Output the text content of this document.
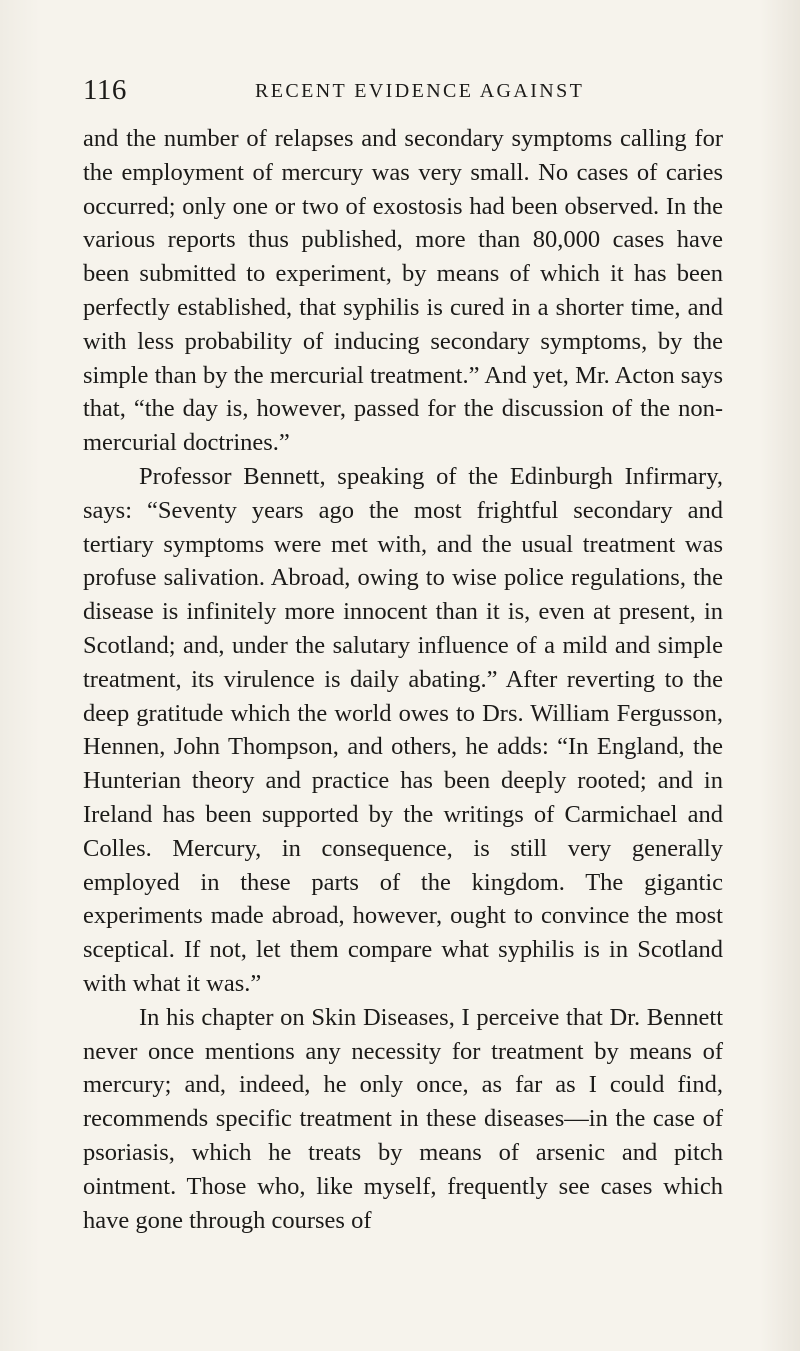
116	RECENT EVIDENCE AGAINST

and the number of relapses and secondary symptoms calling for the employment of mercury was very small. No cases of caries occurred; only one or two of exostosis had been observed. In the various reports thus published, more than 80,000 cases have been submitted to experiment, by means of which it has been perfectly established, that syphilis is cured in a shorter time, and with less probability of inducing secondary symptoms, by the simple than by the mercurial treatment.” And yet, Mr. Acton says that, “the day is, however, passed for the discussion of the non-mercurial doctrines.”

Professor Bennett, speaking of the Edinburgh Infirmary, says: “Seventy years ago the most frightful secondary and tertiary symptoms were met with, and the usual treatment was profuse salivation. Abroad, owing to wise police regulations, the disease is infinitely more innocent than it is, even at present, in Scotland; and, under the salutary influence of a mild and simple treatment, its virulence is daily abating.” After reverting to the deep gratitude which the world owes to Drs. William Fergusson, Hennen, John Thompson, and others, he adds: “In England, the Hunterian theory and practice has been deeply rooted; and in Ireland has been supported by the writings of Carmichael and Colles. Mercury, in consequence, is still very generally employed in these parts of the kingdom. The gigantic experiments made abroad, however, ought to convince the most sceptical. If not, let them compare what syphilis is in Scotland with what it was.”

In his chapter on Skin Diseases, I perceive that Dr. Bennett never once mentions any necessity for treatment by means of mercury; and, indeed, he only once, as far as I could find, recommends specific treatment in these diseases—in the case of psoriasis, which he treats by means of arsenic and pitch ointment. Those who, like myself, frequently see cases which have gone through courses of
